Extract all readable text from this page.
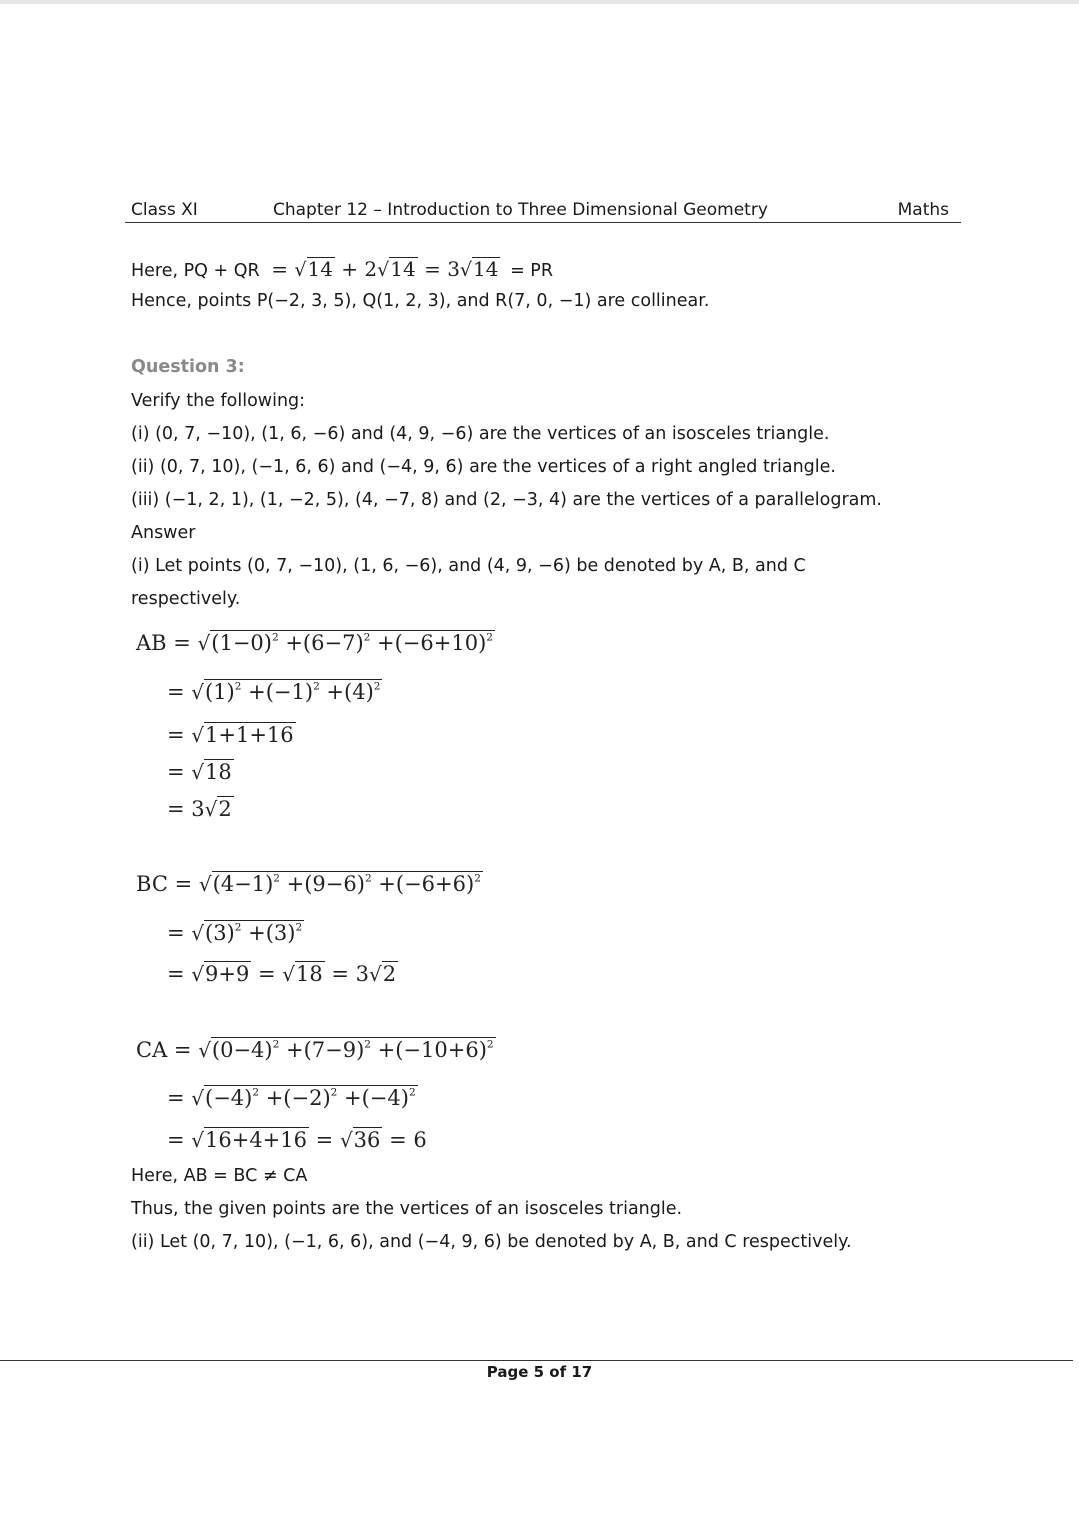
Class XI	Chapter 12 – Introduction to Three Dimensional Geometry	Maths
Here, PQ + QR = √14 + 2√14 = 3√14 = PR
Hence, points P(−2, 3, 5), Q(1, 2, 3), and R(7, 0, −1) are collinear.
Question 3:
Verify the following:
(i) (0, 7, −10), (1, 6, −6) and (4, 9, −6) are the vertices of an isosceles triangle.
(ii) (0, 7, 10), (−1, 6, 6) and (−4, 9, 6) are the vertices of a right angled triangle.
(iii) (−1, 2, 1), (1, −2, 5), (4, −7, 8) and (2, −3, 4) are the vertices of a parallelogram.
Answer
(i) Let points (0, 7, −10), (1, 6, −6), and (4, 9, −6) be denoted by A, B, and C
respectively.
AB = $√(1-0)^2 +(6-7)^2 +(-6+10)^2$
= $√(1)^2 +(-1)^2 +(4)^2$
= √1+1+16
= √18
= 3√2
BC = $√(4-1)^2 +(9-6)^2 +(-6+6)^2$
= $√(3)^2 +(3)^2$
= √9+9 = √18 = 3√2
CA = $√(0-4)^2 +(7-9)^2 +(-10+6)^2$
= $√(-4)^2 +(-2)^2 +(-4)^2$
= √16+4+16 = √36 = 6
Here, AB = BC ≠ CA
Thus, the given points are the vertices of an isosceles triangle.
(ii) Let (0, 7, 10), (−1, 6, 6), and (−4, 9, 6) be denoted by A, B, and C respectively.
Page 5 of 17
